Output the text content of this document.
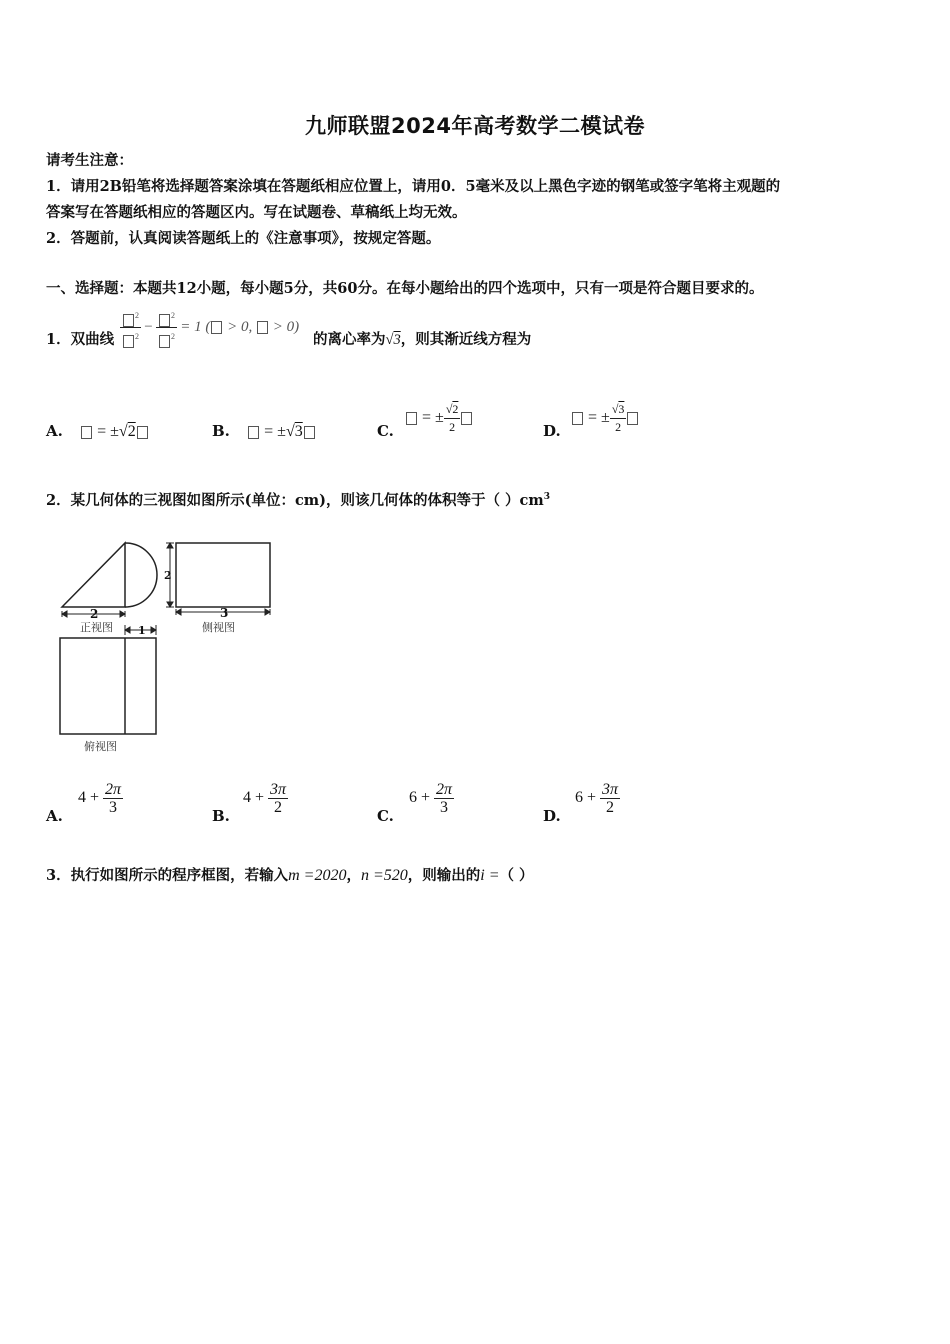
九师联盟2024年高考数学二模试卷
请考生注意：
1．请用2B铅笔将选择题答案涂填在答题纸相应位置上，请用0．5毫米及以上黑色字迹的钢笔或签字笔将主观题的
答案写在答题纸相应的答题区内。写在试题卷、草稿纸上均无效。
2．答题前，认真阅读答题纸上的《注意事项》，按规定答题。
一、选择题：本题共12小题，每小题5分，共60分。在每小题给出的四个选项中，只有一项是符合题目要求的。
1．双曲线 $\frac{^2}{^2} - \frac{^2}{^2} = 1$ ( > 0,  > 0)
的离心率为√3，则其渐近线方程为
A.  = ±√2	B.  = ±√3	C.
= ± $\frac{√2}{2}$	D.
= ± $\frac{√3}{2}$
2．某几何体的三视图如图所示(单位：cm)，则该几何体的体积等于（ ）$cm^3$
2
正视图
2
3
侧视图
1
俯视图
A.
$4 + \frac{2\pi}{3}$	B.
$4 + \frac{3\pi}{2}$	C.
$6 + \frac{2\pi}{3}$	D.
$6 + \frac{3\pi}{2}$
3．执行如图所示的程序框图，若输入m =2020，n =520，则输出的i =（ ）
